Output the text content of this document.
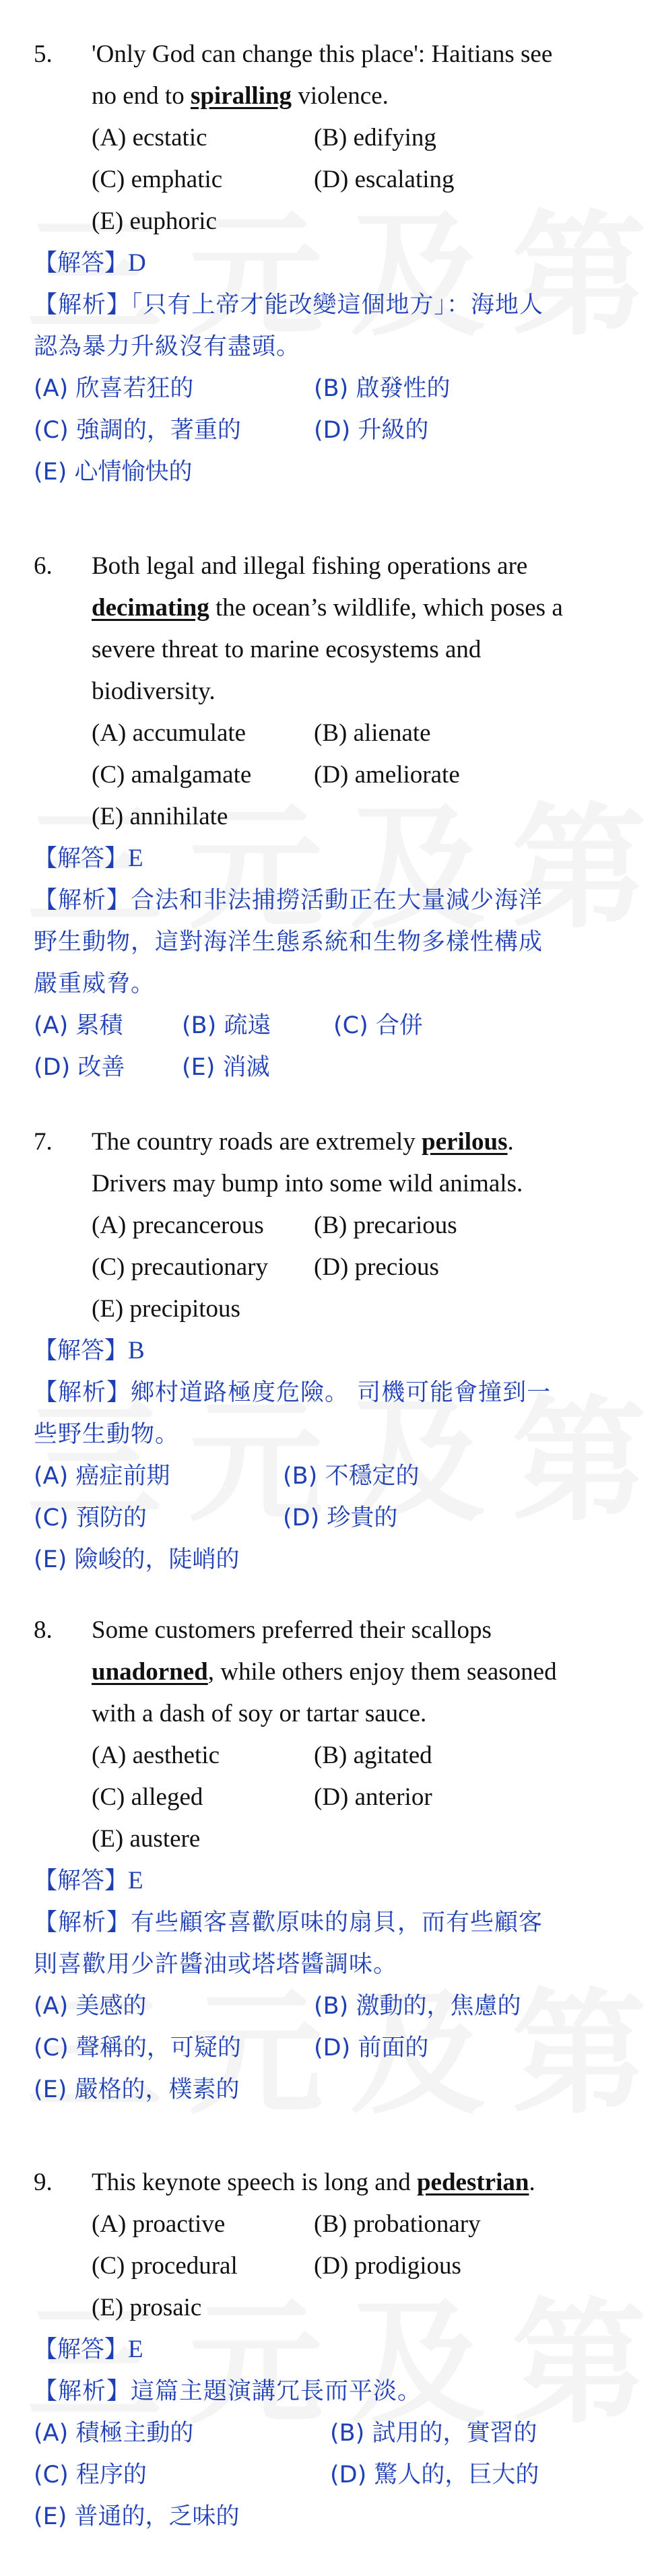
5. 'Only God can change this place': Haitians see
no end to spiralling violence.
(A) ecstatic	(B) edifying
(C) emphatic	(D) escalating
(E) euphoric
【解答】D
【解析】「只有上帝才能改變這個地方」：海地人
認為暴力升級沒有盡頭。
(A) 欣喜若狂的	(B) 啟發性的
(C) 強調的，著重的	(D) 升級的
(E) 心情愉快的
6. Both legal and illegal fishing operations are
decimating the ocean’s wildlife, which poses a
severe threat to marine ecosystems and
biodiversity.
(A) accumulate	(B) alienate
(C) amalgamate	(D) ameliorate
(E) annihilate
【解答】E
【解析】合法和非法捕撈活動正在大量減少海洋
野生動物，這對海洋生態系統和生物多樣性構成
嚴重威脅。
(A) 累積	(B) 疏遠	(C) 合併
(D) 改善 (E) 消滅
7. The country roads are extremely perilous.
Drivers may bump into some wild animals.
(A) precancerous (B) precarious
(C) precautionary (D) precious
(E) precipitous
【解答】B
【解析】鄉村道路極度危險。 司機可能會撞到一
些野生動物。
(A) 癌症前期	(B) 不穩定的
(C) 預防的	(D) 珍貴的
(E) 險峻的，陡峭的
8. Some customers preferred their scallops
unadorned, while others enjoy them seasoned
with a dash of soy or tartar sauce.
(A) aesthetic	(B) agitated
(C) alleged	(D) anterior
(E) austere
【解答】E
【解析】有些顧客喜歡原味的扇貝，而有些顧客
則喜歡用少許醬油或塔塔醬調味。
(A) 美感的	(B) 激動的，焦慮的
(C) 聲稱的，可疑的	(D) 前面的
(E) 嚴格的，樸素的
9. This keynote speech is long and pedestrian.
(A) proactive	(B) probationary
(C) procedural	(D) prodigious
(E) prosaic
【解答】E
【解析】這篇主題演講冗長而平淡。
(A) 積極主動的	(B) 試用的，實習的
(C) 程序的	(D) 驚人的，巨大的
(E) 普通的，乏味的
